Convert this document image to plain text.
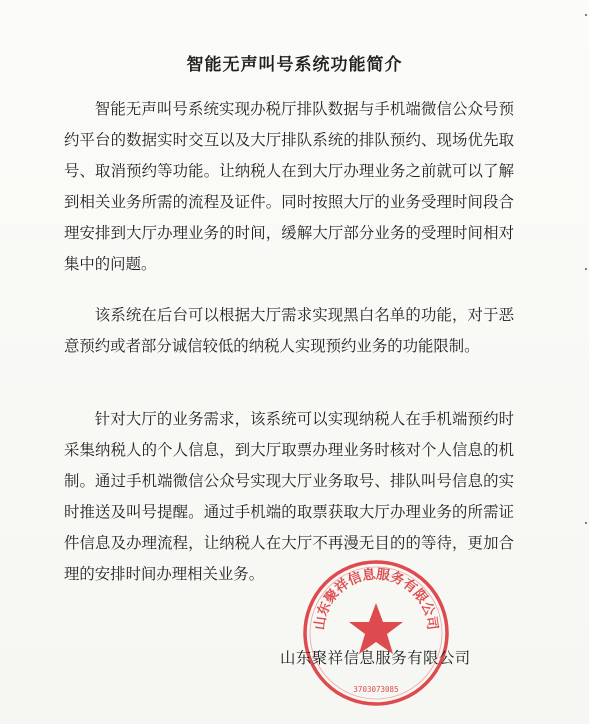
智能无声叫号系统功能简介

智能无声叫号系统实现办税厅排队数据与手机端微信公众号预约平台的数据实时交互以及大厅排队系统的排队预约、现场优先取号、取消预约等功能。让纳税人在到大厅办理业务之前就可以了解到相关业务所需的流程及证件。同时按照大厅的业务受理时间段合理安排到大厅办理业务的时间，缓解大厅部分业务的受理时间相对集中的问题。

该系统在后台可以根据大厅需求实现黑白名单的功能，对于恶意预约或者部分诚信较低的纳税人实现预约业务的功能限制。

针对大厅的业务需求，该系统可以实现纳税人在手机端预约时采集纳税人的个人信息，到大厅取票办理业务时核对个人信息的机制。通过手机端微信公众号实现大厅业务取号、排队叫号信息的实时推送及叫号提醒。通过手机端的取票获取大厅办理业务的所需证件信息及办理流程，让纳税人在大厅不再漫无目的的等待，更加合理的安排时间办理相关业务。

山东聚祥信息服务有限公司
3703073085
山东聚祥信息服务有限公司
